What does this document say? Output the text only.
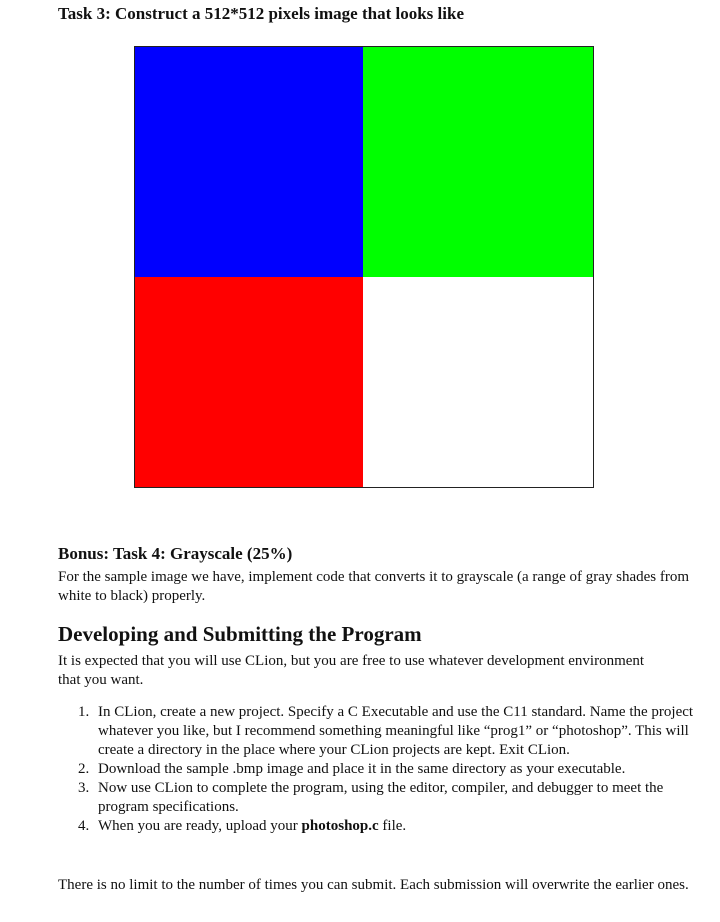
Task 3: Construct a 512*512 pixels image that looks like
Bonus: Task 4: Grayscale (25%)
For the sample image we have, implement code that converts it to grayscale (a range of gray shades from white to black) properly.
Developing and Submitting the Program
It is expected that you will use CLion, but you are free to use whatever development environment that you want.
1. In CLion, create a new project. Specify a C Executable and use the C11 standard. Name the project whatever you like, but I recommend something meaningful like “prog1” or “photoshop”. This will create a directory in the place where your CLion projects are kept. Exit CLion.
2. Download the sample .bmp image and place it in the same directory as your executable.
3. Now use CLion to complete the program, using the editor, compiler, and debugger to meet the program specifications.
4. When you are ready, upload your photoshop.c file.
There is no limit to the number of times you can submit. Each submission will overwrite the earlier ones.
